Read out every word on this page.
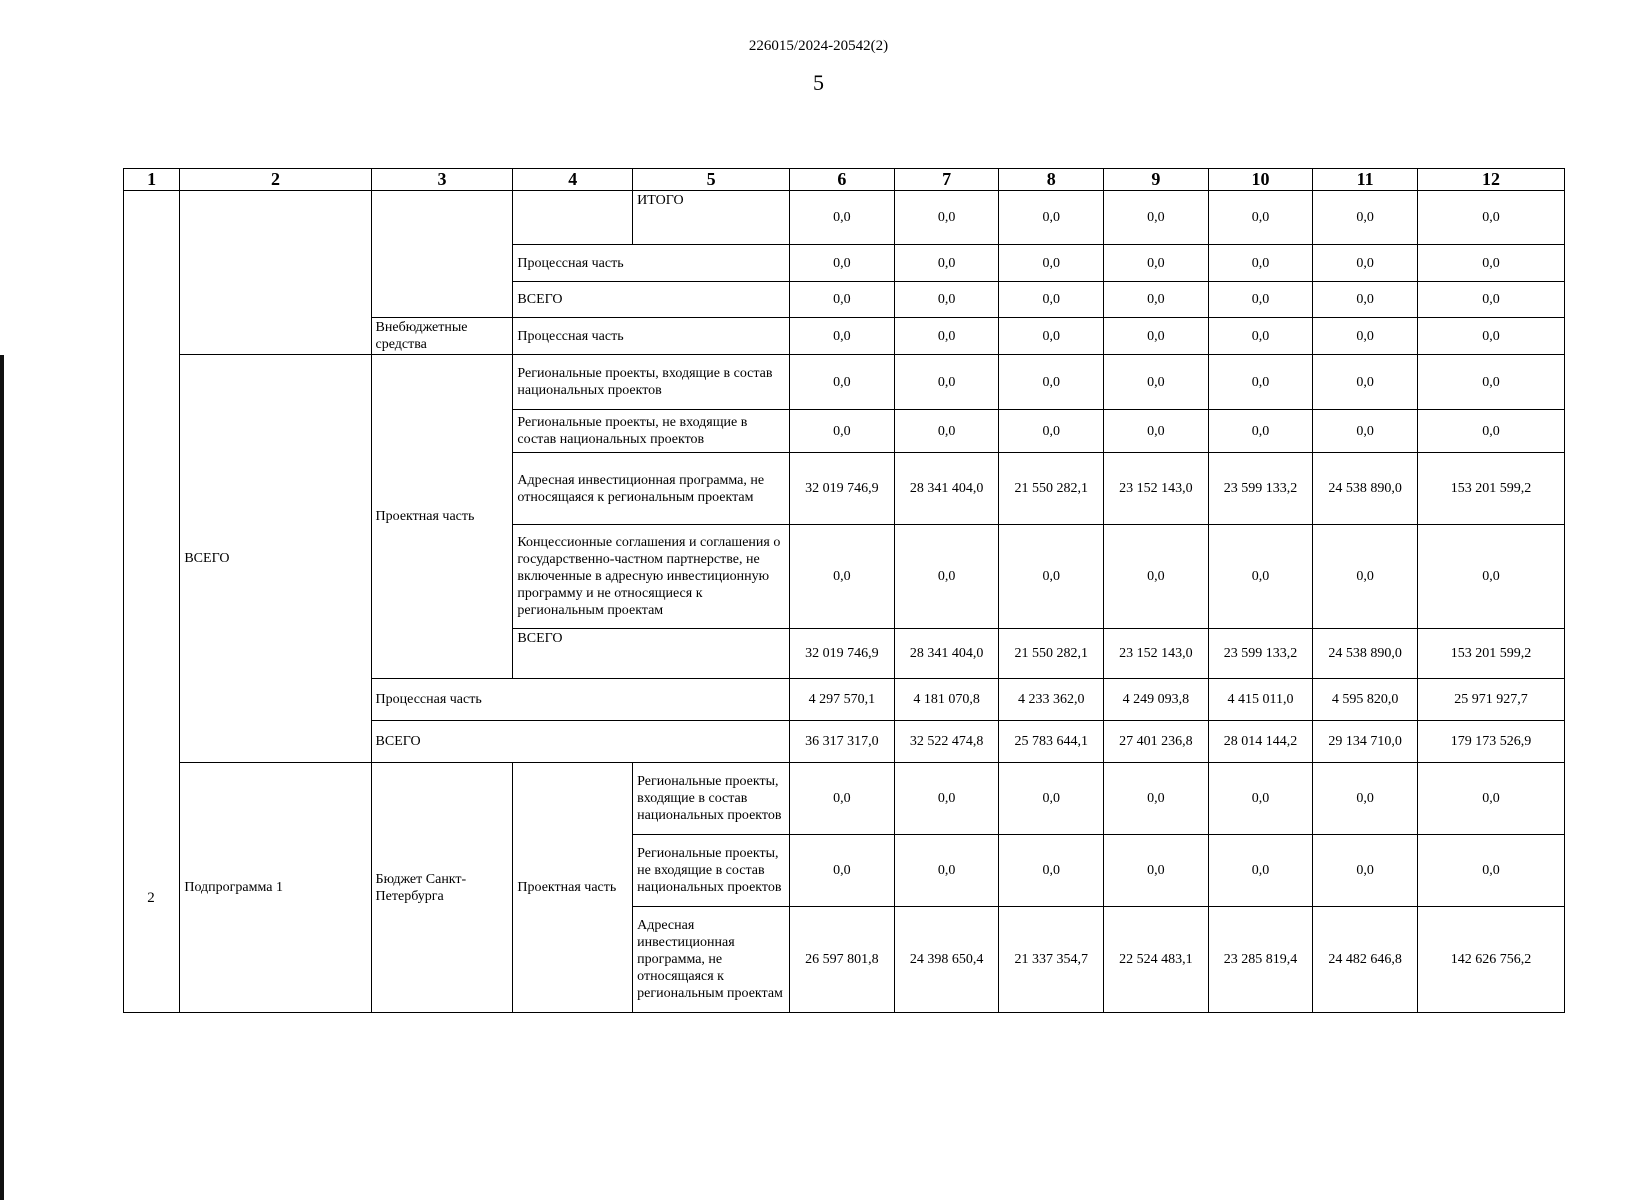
226015/2024-20542(2)
5
1	2	3	4	5	6	7	8	9	10	11	12
				ИТОГО	0,0	0,0	0,0	0,0	0,0	0,0	0,0
			Процессная часть		0,0	0,0	0,0	0,0	0,0	0,0	0,0
			ВСЕГО		0,0	0,0	0,0	0,0	0,0	0,0	0,0
		Внебюджетные средства	Процессная часть		0,0	0,0	0,0	0,0	0,0	0,0	0,0
	ВСЕГО	Проектная часть	Региональные проекты, входящие в состав национальных проектов		0,0	0,0	0,0	0,0	0,0	0,0	0,0
			Региональные проекты, не входящие в состав национальных проектов		0,0	0,0	0,0	0,0	0,0	0,0	0,0
			Адресная инвестиционная программа, не относящаяся к региональным проектам		32 019 746,9	28 341 404,0	21 550 282,1	23 152 143,0	23 599 133,2	24 538 890,0	153 201 599,2
			Концессионные соглашения и соглашения о государственно-частном партнерстве, не включенные в адресную инвестиционную программу и не относящиеся к региональным проектам		0,0	0,0	0,0	0,0	0,0	0,0	0,0
			ВСЕГО		32 019 746,9	28 341 404,0	21 550 282,1	23 152 143,0	23 599 133,2	24 538 890,0	153 201 599,2
		Процессная часть			4 297 570,1	4 181 070,8	4 233 362,0	4 249 093,8	4 415 011,0	4 595 820,0	25 971 927,7
		ВСЕГО			36 317 317,0	32 522 474,8	25 783 644,1	27 401 236,8	28 014 144,2	29 134 710,0	179 173 526,9
	Подпрограмма 1	Бюджет Санкт-Петербурга	Проектная часть	Региональные проекты, входящие в состав национальных проектов	0,0	0,0	0,0	0,0	0,0	0,0	0,0
				Региональные проекты, не входящие в состав национальных проектов	0,0	0,0	0,0	0,0	0,0	0,0	0,0
				Адресная инвестиционная программа, не относящаяся к региональным проектам	26 597 801,8	24 398 650,4	21 337 354,7	22 524 483,1	23 285 819,4	24 482 646,8	142 626 756,2
2
